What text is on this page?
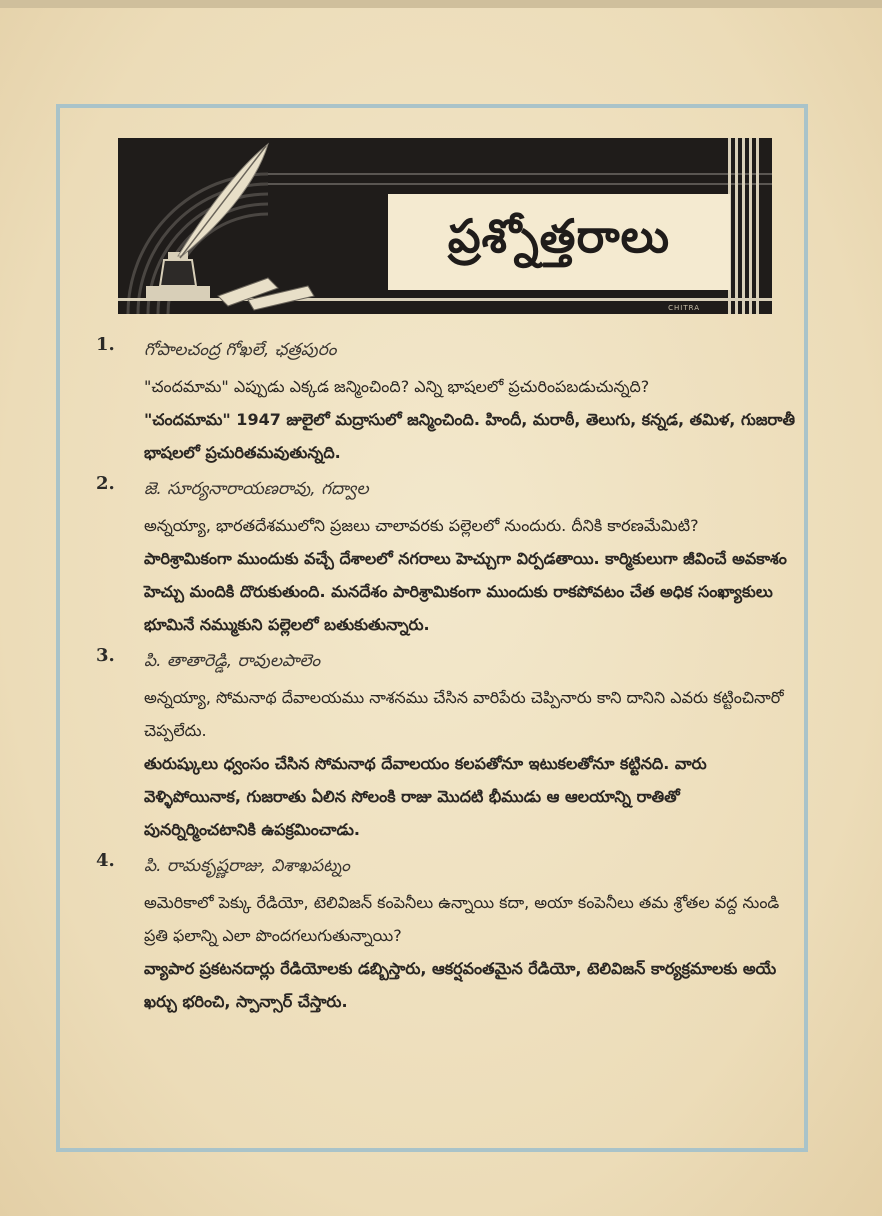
ప్రశ్నోత్తరాలు
CHITRA
1. గోపాలచంద్ర గోఖలే, ఛత్రపురం
"చందమామ" ఎప్పుడు ఎక్కడ జన్మించింది? ఎన్ని భాషలలో ప్రచురింపబడుచున్నది?
"చందమామ" 1947 జులైలో మద్రాసులో జన్మించింది. హిందీ, మరాఠీ, తెలుగు, కన్నడ, తమిళ, గుజరాతీ భాషలలో ప్రచురితమవుతున్నది.
2. జె. సూర్యనారాయణరావు, గద్వాల
అన్నయ్యా, భారతదేశములోని ప్రజలు చాలావరకు పల్లెలలో నుందురు. దీనికి కారణమేమిటి?
పారిశ్రామికంగా ముందుకు వచ్చే దేశాలలో నగరాలు హెచ్చుగా విర్పడతాయి. కార్మికులుగా జీవించే అవకాశం హెచ్చు మందికి దొరుకుతుంది. మనదేశం పారిశ్రామికంగా ముందుకు రాకపోవటం చేత అధిక సంఖ్యాకులు భూమినే నమ్ముకుని పల్లెలలో బతుకుతున్నారు.
3. పి. తాతారెడ్డి, రావులపాలెం
అన్నయ్యా, సోమనాథ దేవాలయము నాశనము చేసిన వారిపేరు చెప్పినారు కాని దానిని ఎవరు కట్టించినారో చెప్పలేదు.
తురుష్కులు ధ్వంసం చేసిన సోమనాథ దేవాలయం కలపతోనూ ఇటుకలతోనూ కట్టినది. వారు వెళ్ళిపోయినాక, గుజరాతు ఏలిన సోలంకి రాజు మొదటి భీముడు ఆ ఆలయాన్ని రాతితో పునర్నిర్మించటానికి ఉపక్రమించాడు.
4. పి. రామకృష్ణరాజు, విశాఖపట్నం
అమెరికాలో పెక్కు రేడియో, టెలివిజన్ కంపెనీలు ఉన్నాయి కదా, అయా కంపెనీలు తమ శ్రోతల వద్ద నుండి ప్రతి ఫలాన్ని ఎలా పొందగలుగుతున్నాయి?
వ్యాపార ప్రకటనదార్లు రేడియోలకు డబ్బిస్తారు, ఆకర్షవంతమైన రేడియో, టెలివిజన్ కార్యక్రమాలకు అయే ఖర్చు భరించి, స్పాన్సార్ చేస్తారు.
